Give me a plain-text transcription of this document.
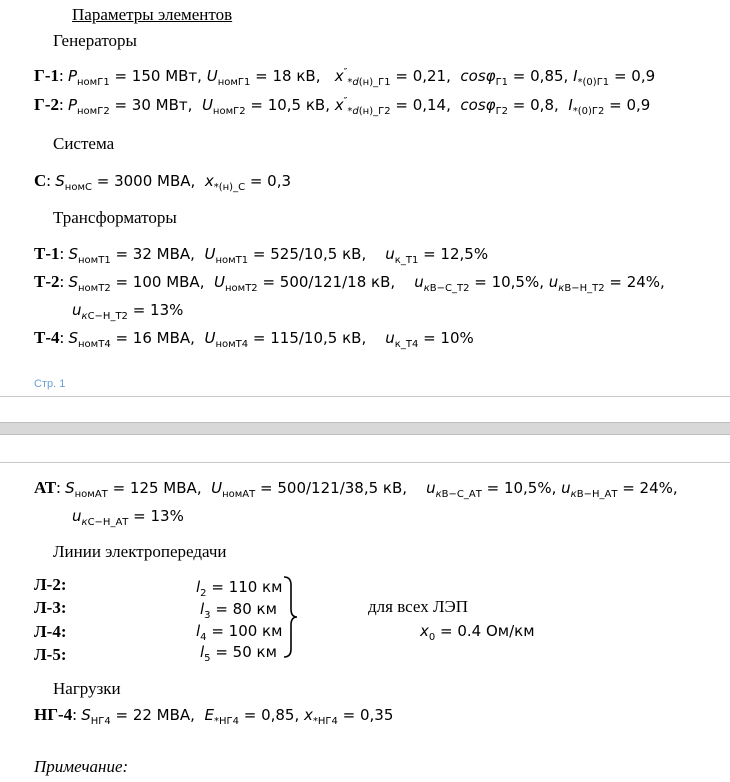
Параметры элементов
Генераторы
Г-1: $P_{номГ1} = 150$ МВт, $U_{номГ1} = 18$ кВ,   $x''_{*d(н)\_Г1} = 0,21$,  cosφ$_{Г1}$ = 0,85, $I_{*(0)Г1} = 0,9$
Г-2: $P_{номГ2} = 30$ МВт,  $U_{номГ2} = 10,5$ кВ, $x''_{*d(н)\_Г2} = 0,14$,  cosφ$_{Г2}$ = 0,8,  $I_{*(0)Г2} = 0,9$
Система
С: $S_{номС} = 3000$ МВА,  $x_{*(н)\_С} = 0,3$
Трансформаторы
Т-1: $S_{номТ1} = 32$ МВА,  $U_{номТ1} = 525/10,5$ кВ,    $u_{к\_Т1} = 12,5\%$
Т-2: $S_{номТ2} = 100$ МВА,  $U_{номТ2} = 500/121/18$ кВ,    $u_{кВ-С\_Т2} = 10,5\%$, $u_{кВ-Н\_Т2} = 24\%$,
$u_{кС-Н\_Т2} = 13\%$
Т-4: $S_{номТ4} = 16$ МВА,  $U_{номТ4} = 115/10,5$ кВ,    $u_{к\_Т4} = 10\%$
Стр. 1
АТ: $S_{номАТ} = 125$ МВА,  $U_{номАТ} = 500/121/38,5$ кВ,    $u_{кВ-С\_АТ} = 10,5\%$, $u_{кВ-Н\_АТ} = 24\%$,
$u_{кС-Н\_АТ} = 13\%$
Линии электропередачи
Л-2:
Л-3:
Л-4:
Л-5:
$l_2 = 110$ км
$l_3 = 80$ км
$l_4 = 100$ км
$l_5 = 50$ км
для всех ЛЭП
$x_0 = 0.4$ Ом/км
Нагрузки
НГ-4: $S_{НГ4} = 22$ МВА,  $E_{*НГ4} = 0,85$, $x_{*НГ4} = 0,35$
Примечание:
